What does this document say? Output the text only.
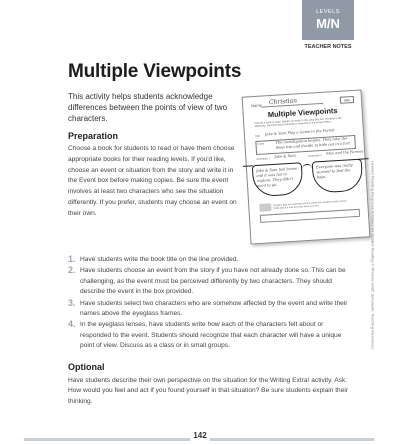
LEVELS
M/N
TEACHER NOTES
Multiple Viewpoints
This activity helps students acknowledge differences between the points of view of two characters.
Preparation
Choose a book for students to read or have them choose appropriate books for their reading levels. If you'd like, choose an event or situation from the story and write it in the Event box before making copies. Be sure the event involves at least two characters who see the situation differently. If you prefer, students may choose an event on their own.
Name Christian	M/N
Multiple Viewpoints
Choose a book to read. Identify an event in the story that two characters see differently. Describe each character's viewpoint in the lenses below.
Title Jake & Sam Play a Game in the Forest
Event	The investigation begins. They take the deep trip and decide to hide out in a fort.
Character 1
Jake & Sam	Character 2
Max and the Farmer
Jake & Sam feel brave and it was fun to explore. They didn't want to go.
Everyone was really worried to find the boys.
Imagine that you experienced the event from another point of view. Write about it and describe what you see.
1. Have students write the book title on the line provided.
2. Have students choose an event from the story if you have not already done so. This can be challenging, as the event must be perceived differently by two characters. They should describe the event in the box provided.
3. Have students select two characters who are somehow affected by the event and write their names above the eyeglass frames.
4. In the eyeglass lenses, have students write how each of the characters felt about or responded to the event. Students should recognize that each character will have a unique point of view. Discuss as a class or in small groups.
Optional
Have students describe their own perspective on the situation for the Writing Extra! activity. Ask: How would you feel and act if you found yourself in that situation? Be sure students explain their thinking.
Leveled Reading Response Activities for Guided Reading © Rhonda Graff, Scholastic Teaching Resources
142
